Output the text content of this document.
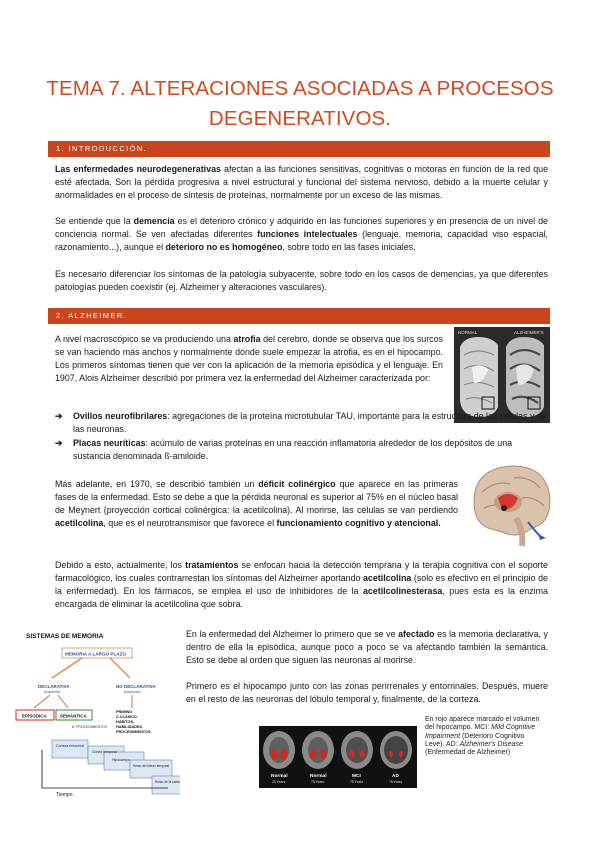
TEMA 7. ALTERACIONES ASOCIADAS A PROCESOS DEGENERATIVOS.
1. INTRODUCCIÓN.

Las enfermedades neurodegenerativas afectan a las funciones sensitivas, cognitivas o motoras en función de la red que esté afectada. Son la pérdida progresiva a nivel estructural y funcional del sistema nervioso, debido a la muerte celular y anormalidades en el proceso de síntesis de proteínas, normalmente por un exceso de las mismas.

Se entiende que la demencia es el deterioro crónico y adquirido en las funciones superiores y en presencia de un nivel de conciencia normal. Se ven afectadas diferentes funciones intelectuales (lenguaje, memoria, capacidad viso espacial, razonamiento...), aunque el deterioro no es homogéneo, sobre todo en las fases iniciales.

Es necesario diferenciar los síntomas de la patología subyacente, sobre todo en los casos de demencias, ya que diferentes patologías pueden coexistir (ej. Alzheimer y alteraciones vasculares).

2. ALZHEIMER.

A nivel macroscópico se va produciendo una atrofia del cerebro, donde se observa que los surcos se van haciendo más anchos y normalmente dónde suele empezar la atrofia, es en el hipocampo. Los primeros síntomas tienen que ver con la aplicación de la memoria episódica y el lenguaje. En 1907, Alois Alzheimer describió por primera vez la enfermedad del Alzheimer caracterizada por:

NORMAL	ALZHEIMER'S
➔ Ovillos neurofibrilares: agregaciones de la proteína microtubular TAU, importante para la estructura de las células y de las neuronas.
➔ Placas neuríticas: acúmulo de varias proteínas en una reacción inflamatoria alrededor de los depósitos de una sustancia denominada ß-amiloide.

Más adelante, en 1970, se describió también un déficit colinérgico que aparece en las primeras fases de la enfermedad. Esto se debe a que la pérdida neuronal es superior al 75% en el núcleo basal de Meynert (proyección cortical colinérgica: la acetilcolina). Al morirse, las células se van perdiendo acetilcolina, que es el neurotransmisor que favorece el funcionamiento cognitivo y atencional.

Debido a esto, actualmente, los tratamientos se enfocan hacia la detección temprana y la terapia cognitiva con el soporte farmacológico, los cuales contrarrestan los síntomas del Alzheimer aportando acetilcolina (solo es efectivo en el principio de la enfermedad). En los fármacos, se emplea el uso de inhibidores de la acetilcolinesterasa, pues esta es la enzima encargada de eliminar la acetilcolina que sobra.

SISTEMAS DE MEMORIA
MEMORIA A LARGO PLAZO
DECLARATIVA
(explícita)
NO DECLARATIVA
(implícita)
EPISÓDICA	SEMÁNTICA
B. PROCEDIMIENTOS
PRIMING
C.CLÁSICO
HÁBITOS,
HABILIDADES,
PROCEDIMIENTOS
Corteza entorrinal
Córtex temporal
Hipocampo
Resto del lóbulo temporal
Resto de la corteza
Tiempo

En la enfermedad del Alzheimer lo primero que se ve afectado es la memoria declarativa, y dentro de ella la episódica, aunque poco a poco se va afectando también la semántica. Esto se debe al orden que siguen las neuronas al morirse.

Primero es el hipocampo junto con las zonas perirrenales y entorrinales. Después, muere en el resto de las neuronas del lóbulo temporal y, finalmente, de la corteza.

Normal
25 Years
Normal
75 Years
MCI
75 Years
AD
75 Years
En rojo aparece marcado el volumen del hipocampo. MCI: Mild Cognitive Impairment (Deterioro Cognitivo Leve). AD: Alzheimer's Disease (Enfermedad de Alzheimer)
